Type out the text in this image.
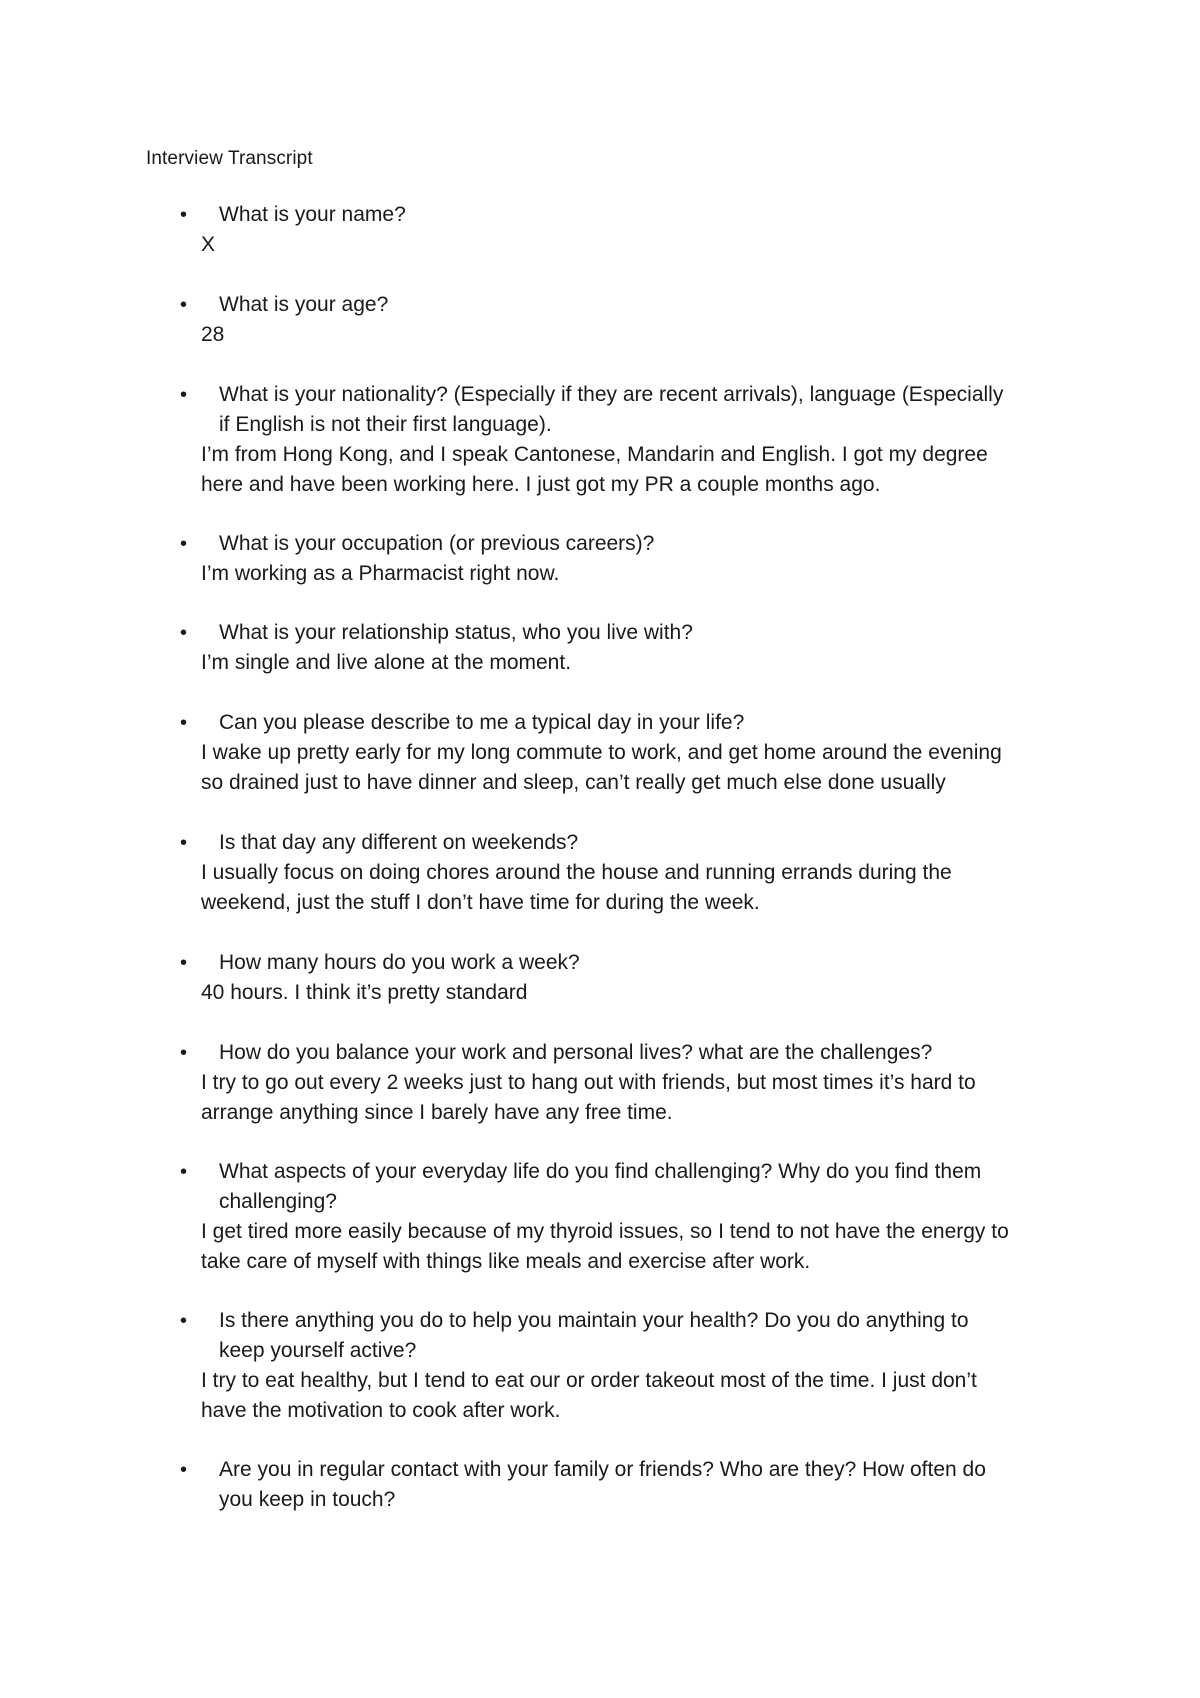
Interview Transcript
• What is your name?
X
• What is your age?
28
• What is your nationality? (Especially if they are recent arrivals), language (Especially
if English is not their first language).
I’m from Hong Kong, and I speak Cantonese, Mandarin and English. I got my degree
here and have been working here. I just got my PR a couple months ago.
• What is your occupation (or previous careers)?
I’m working as a Pharmacist right now.
• What is your relationship status, who you live with?
I’m single and live alone at the moment.
• Can you please describe to me a typical day in your life?
I wake up pretty early for my long commute to work, and get home around the evening
so drained just to have dinner and sleep, can’t really get much else done usually
• Is that day any different on weekends?
I usually focus on doing chores around the house and running errands during the
weekend, just the stuff I don’t have time for during the week.
• How many hours do you work a week?
40 hours. I think it’s pretty standard
• How do you balance your work and personal lives? what are the challenges?
I try to go out every 2 weeks just to hang out with friends, but most times it’s hard to
arrange anything since I barely have any free time.
• What aspects of your everyday life do you find challenging? Why do you find them
challenging?
I get tired more easily because of my thyroid issues, so I tend to not have the energy to
take care of myself with things like meals and exercise after work.
• Is there anything you do to help you maintain your health? Do you do anything to
keep yourself active?
I try to eat healthy, but I tend to eat our or order takeout most of the time. I just don’t
have the motivation to cook after work.
• Are you in regular contact with your family or friends? Who are they? How often do
you keep in touch?
